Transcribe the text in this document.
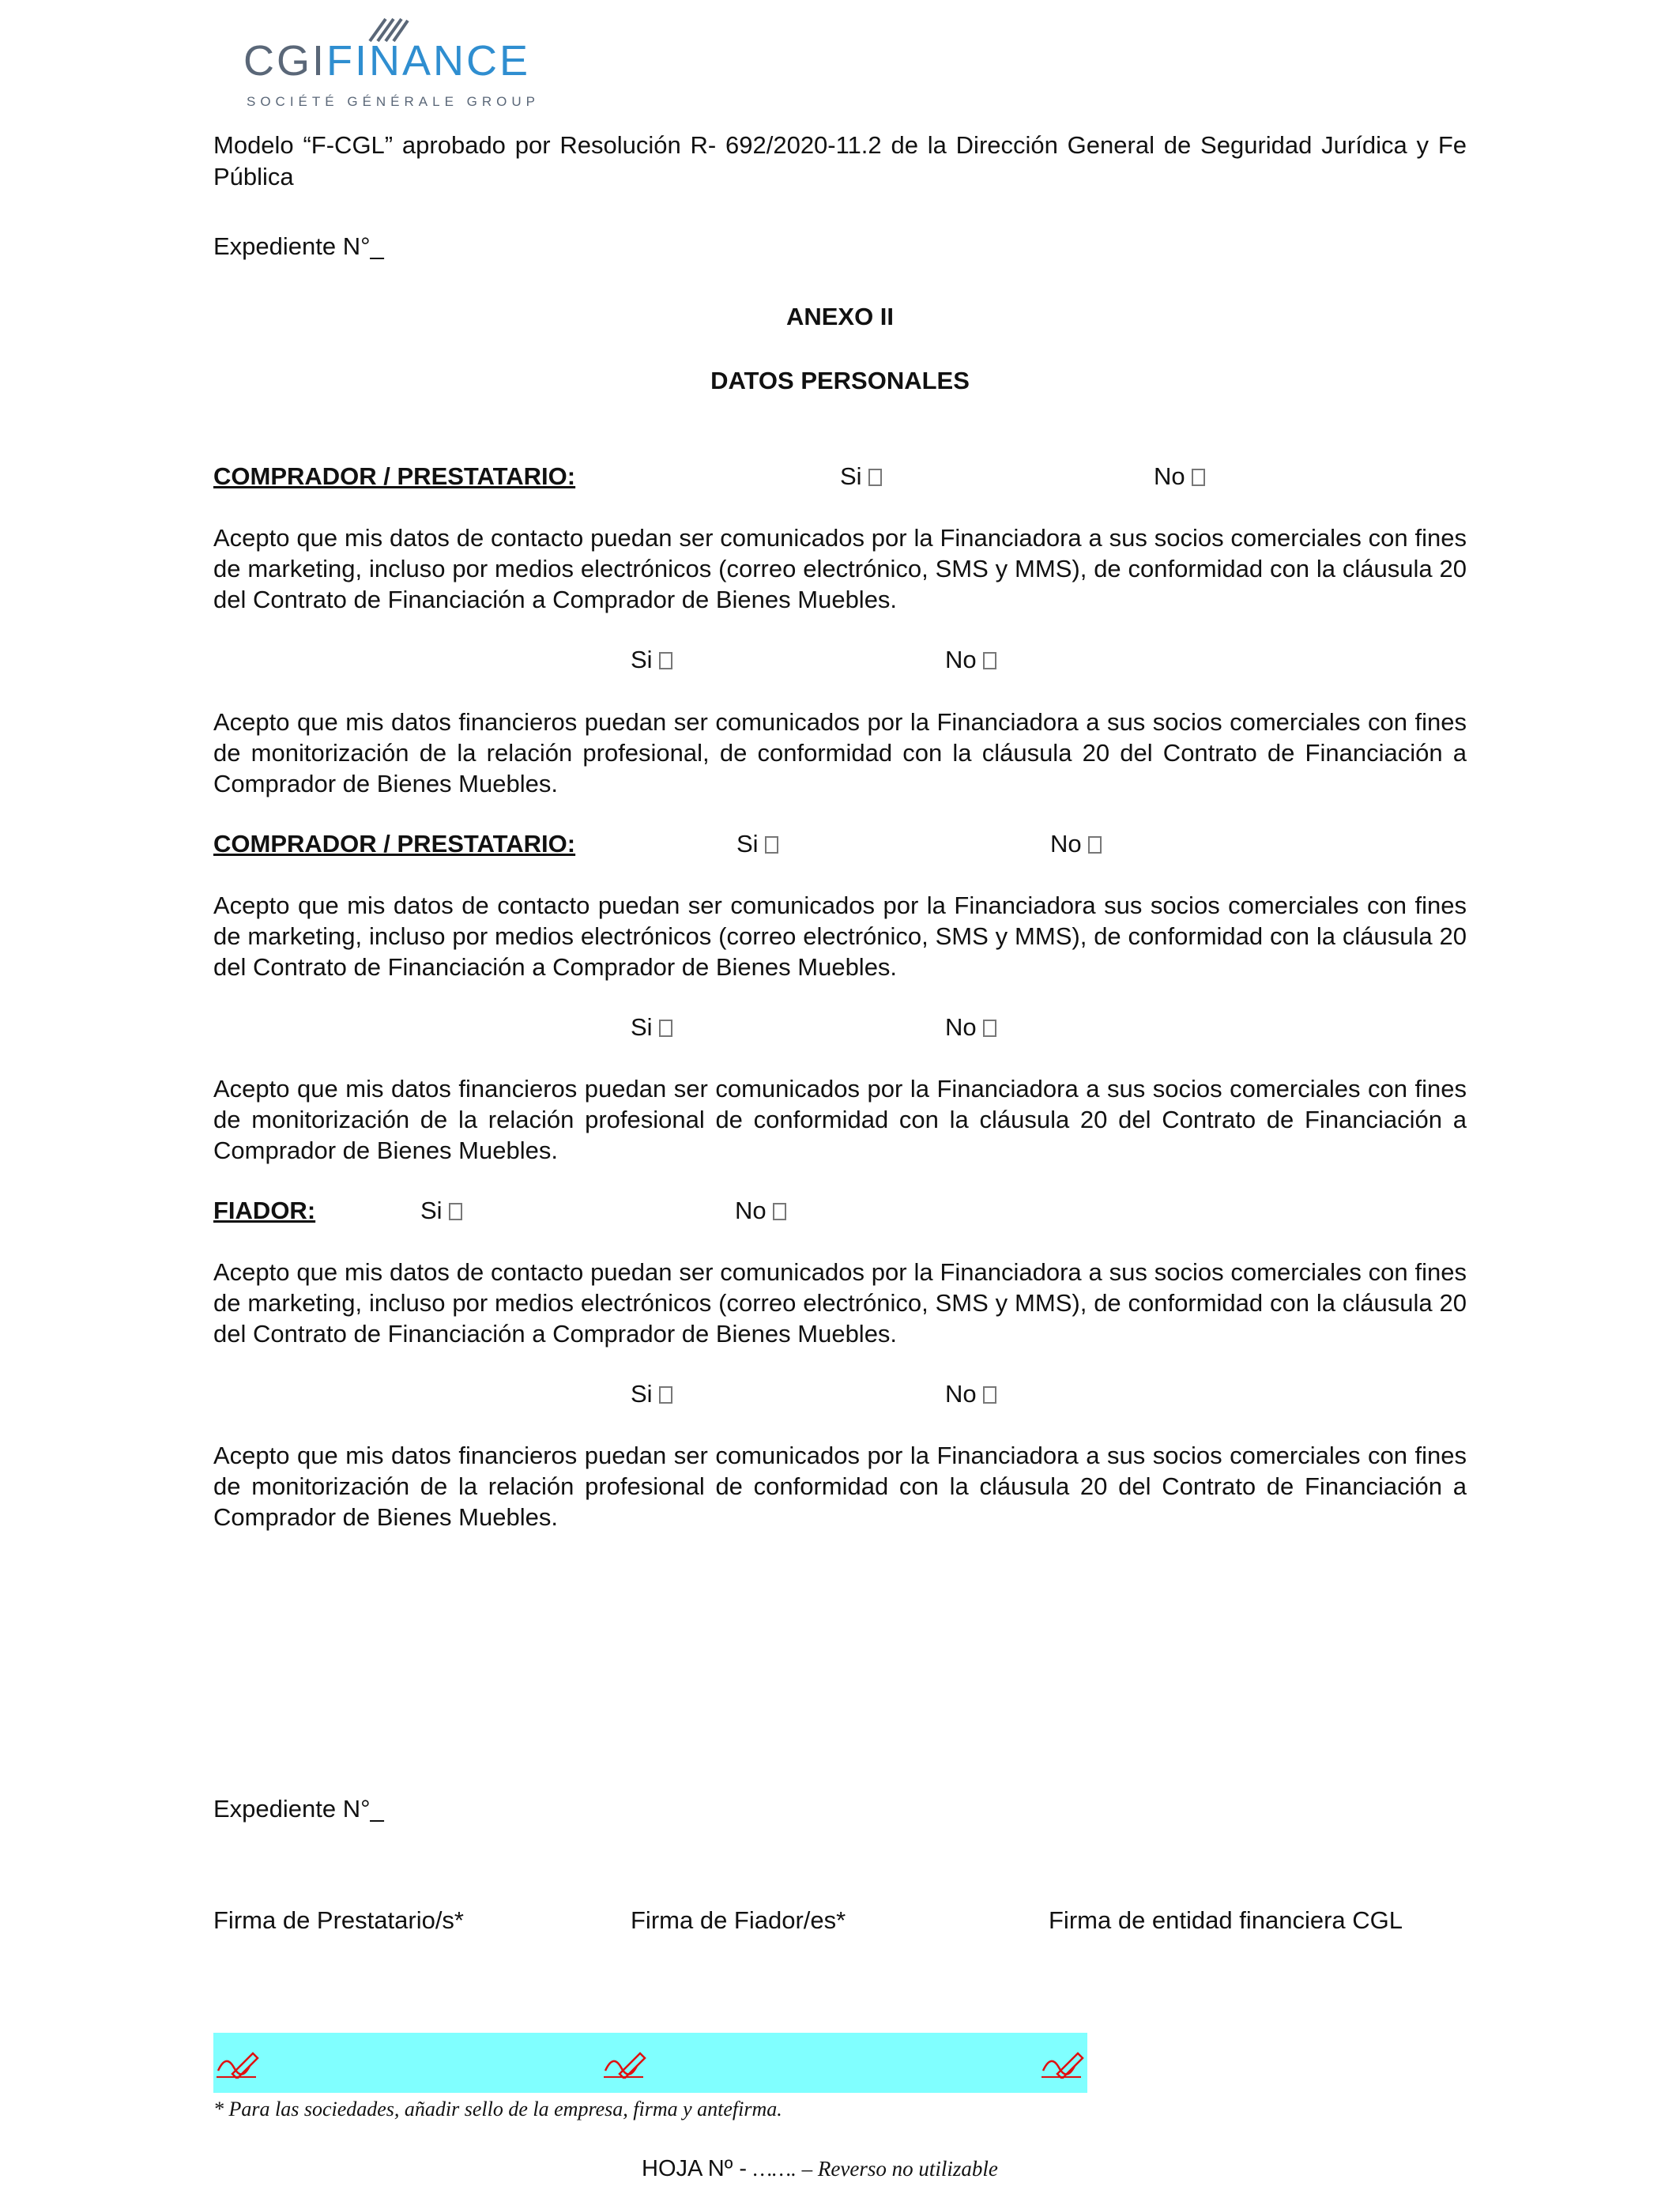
CGIFINANCE
SOCIÉTÉ GÉNÉRALE GROUP
Modelo “F-CGL” aprobado por Resolución R- 692/2020-11.2 de la Dirección General de Seguridad Jurídica y Fe
Pública
Expediente N°_
ANEXO II
DATOS PERSONALES
COMPRADOR / PRESTATARIO:	Si	No
Acepto que mis datos de contacto puedan ser comunicados por la Financiadora a sus socios comerciales con fines de marketing, incluso por medios electrónicos (correo electrónico, SMS y MMS), de conformidad con la cláusula 20 del Contrato de Financiación a Comprador de Bienes Muebles.
Si	No
Acepto que mis datos financieros puedan ser comunicados por la Financiadora a sus socios comerciales con fines de monitorización de la relación profesional, de conformidad con la cláusula 20 del Contrato de Financiación a Comprador de Bienes Muebles.
COMPRADOR / PRESTATARIO:	Si	No
Acepto que mis datos de contacto puedan ser comunicados por la Financiadora sus socios comerciales con fines de marketing, incluso por medios electrónicos (correo electrónico, SMS y MMS), de conformidad con la cláusula 20 del Contrato de Financiación a Comprador de Bienes Muebles.
Si	No
Acepto que mis datos financieros puedan ser comunicados por la Financiadora a sus socios comerciales con fines de monitorización de la relación profesional de conformidad con la cláusula 20 del Contrato de Financiación a Comprador de Bienes Muebles.
FIADOR:	Si	No
Acepto que mis datos de contacto puedan ser comunicados por la Financiadora a sus socios comerciales con fines de marketing, incluso por medios electrónicos (correo electrónico, SMS y MMS), de conformidad con la cláusula 20 del Contrato de Financiación a Comprador de Bienes Muebles.
Si	No
Acepto que mis datos financieros puedan ser comunicados por la Financiadora a sus socios comerciales con fines de monitorización de la relación profesional de conformidad con la cláusula 20 del Contrato de Financiación a Comprador de Bienes Muebles.
Expediente N°_
Firma de Prestatario/s*	Firma de Fiador/es*	Firma de entidad financiera CGL
* Para las sociedades, añadir sello de la empresa, firma y antefirma.
HOJA Nº - ……. – Reverso no utilizable
